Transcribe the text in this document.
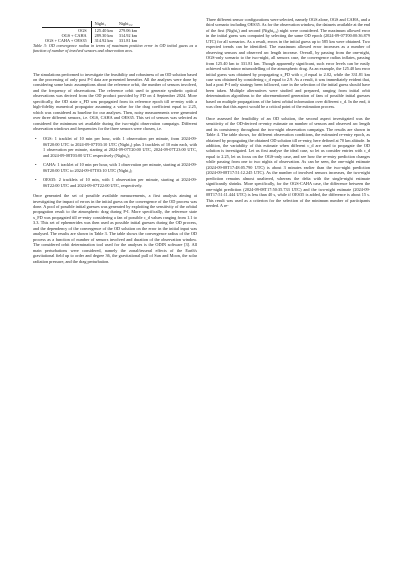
	Night₁	Night₁,₂
OGS	125.40 km	279.06 km
OGS + CAHA	289.30 km	314.92 km
OGS + CAHA + OES35	314.92 km	331.81 km

Table 3: OD convergence radius in terms of maximum position error in OD initial guess as a function of number of involved sensors and observation arcs.

The simulations performed to investigate the feasibility and robustness of an OD solution based on the processing of only post P-I data are presented hereafter. All the analyses were done by considering some basic assumptions about the reference orbit, the number of sensors involved, and the frequency of observations. The reference orbit used to generate synthetic optical observations was derived from the OD product provided by FD on 4 September 2024. More specifically, the OD state x_FD was propagated from its reference epoch till re-entry with a high-fidelity numerical propagator assuming a value for the drag coefficient equal to 2.25, which was considered as baseline for our analyses. Then, noisy measurements were generated over three different sensors, i.e. OGS, CAHA and OES35. This set of sensors was selected as considered the minimum set available during the two-night observation campaign. Different observation windows and frequencies for the three sensors were chosen, i.e.

• OGS: 1 tracklet of 10 min per hour, with 1 observation per minute, from 2024-09-06T20:00 UTC to 2024-09-07T03:10 UTC (Night₁) plus 3 tracklets of 10 min each, with 1 observation per minute, starting at 2024-09-07T20:00 UTC, 2024-09-07T23:00 UTC, and 2024-09-08T03:00 UTC respectively (Night₂);
• CAHA: 1 tracklet of 10 min per hour, with 1 observation per minute, starting at 2024-09-06T20:00 UTC to 2024-09-07T03:10 UTC (Night₁);
• OES35: 2 tracklets of 10 min, with 1 observation per minute, starting at 2024-09-06T22:00 UTC and 2024-09-07T22:00 UTC, respectively.

Once generated the set of possible available measurements, a first analysis aiming at investigating the impact of errors in the initial guess on the convergence of the OD process was done. A pool of possible initial guesses was generated by exploiting the sensitivity of the orbital propagation result to the atmospheric drag during P-I. More specifically, the reference state x_FD was propagated till re-entry considering a fan of possible c_d values ranging from 1.1 to 3.3. This set of ephemerides was then used as possible initial guesses during the OD process, and the dependency of the convergence of the OD solution on the error in the initial input was analysed. The results are shown in Table 3. The table shows the convergence radius of the OD process as a function of number of sensors involved and duration of the observation window. The considered orbit determination tool used for the analyses is the ODIN software [3]. All main perturbations were considered, namely the zonal/tesseral effects of the Earth's gravitational field up to order and degree 36, the gravitational pull of Sun and Moon, the solar radiation pressure, and the drag perturbation.

Three different sensor configurations were selected, namely OGS alone, OGS and CAHA, and a third scenario including OES35. As for the observation window, the datasets available at the end of the first (Night₁) and second (Night₁,₂) night were considered. The maximum allowed error in the initial guess was computed by selecting the same OD epoch (2024-09-07T00:00:36.879 UTC) for all scenarios. As a result, errors in the initial guess up to 585 km were obtained. Two expected trends can be identified. The maximum allowed error increases as a number of observing sensors and observed arc length increase. Overall, by passing from the one-night, OGS-only scenario to the two-night, all sensors case, the convergence radius inflates, passing from 125.40 km to 331.81 km. Though apparently significant, such error levels can be easily achieved with minor mismodelling of the atmospheric drag. As an example, the 125.40 km error initial guess was obtained by propagating x_FD with c_d equal to 2.02, while the 331.81 km case was obtained by considering c_d equal to 2.9. As a result, it was immediately evident that, had a post P-I only strategy been followed, care in the selection of the initial guess should have been taken. Multiple alternatives were studied and prepared, ranging from initial orbit determination algorithms to the aforementioned generation of fans of possible initial guesses based on multiple propagations of the latest orbital information over different c_d. In the end, it was clear that this aspect would be a critical point of the estimation process.

Once assessed the feasibility of an OD solution, the second aspect investigated was the sensitivity of the OD-derived re-entry estimate on number of sensors and observed arc length and its consistency throughout the two-night observation campaign. The results are shown in Table 4. The table shows, for different observation conditions, the estimated re-entry epoch, as obtained by propagating the obtained OD solution till re-entry, here defined at 70 km altitude. In addition, the variability of this estimate when different c_d are used to propagate the OD solution is investigated. Let us first analyse the ideal case, so let us consider entries with c_d equal to 2.25, let us focus on the OGS-only case, and see how the re-entry prediction changes while passing from one to two nights of observation. As can be seen, the one-night estimate (2024-09-08T17:48:05.790 UTC) is about 3 minutes earlier than the two-night prediction (2024-09-08T17:51:12.245 UTC). As the number of involved sensors increases, the two-night prediction remains almost unaltered, whereas the delta with the single-night estimate significantly shrinks. More specifically, for the OGS-CAHA case, the difference between the one-night prediction (2024-09-08T17:50:35.733 UTC) and the two-night estimate (2024-09-08T17:51:11.444 UTC) is less than 40 s, while if OES35 is added, the difference is about 15 s. This result was used as a criterion for the selection of the minimum number of participants needed. A re-
